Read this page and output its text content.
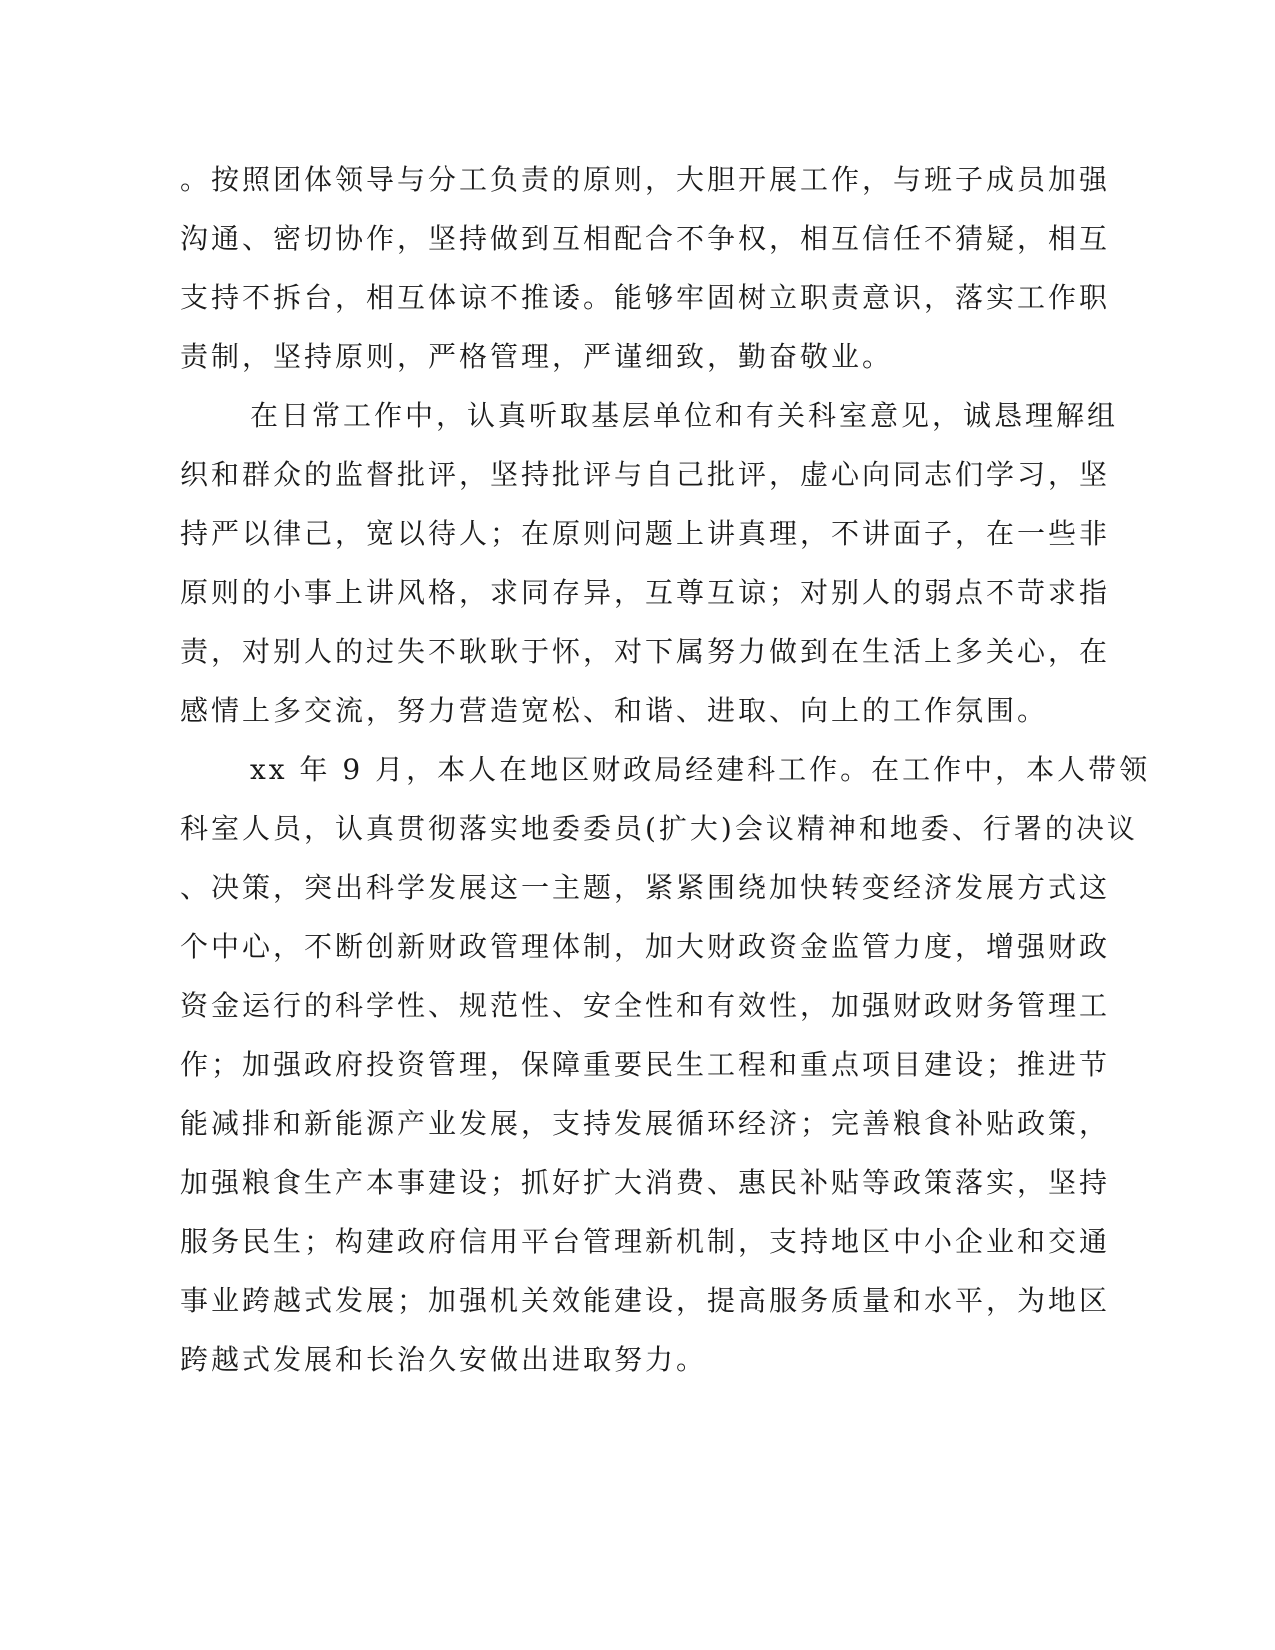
。按照团体领导与分工负责的原则，大胆开展工作，与班子成员加强
沟通、密切协作，坚持做到互相配合不争权，相互信任不猜疑，相互
支持不拆台，相互体谅不推诿。能够牢固树立职责意识，落实工作职
责制，坚持原则，严格管理，严谨细致，勤奋敬业。
在日常工作中，认真听取基层单位和有关科室意见，诚恳理解组
织和群众的监督批评，坚持批评与自己批评，虚心向同志们学习，坚
持严以律己，宽以待人；在原则问题上讲真理，不讲面子，在一些非
原则的小事上讲风格，求同存异，互尊互谅；对别人的弱点不苛求指
责，对别人的过失不耿耿于怀，对下属努力做到在生活上多关心，在
感情上多交流，努力营造宽松、和谐、进取、向上的工作氛围。
xx 年 9 月，本人在地区财政局经建科工作。在工作中，本人带领
科室人员，认真贯彻落实地委委员(扩大)会议精神和地委、行署的决议
、决策，突出科学发展这一主题，紧紧围绕加快转变经济发展方式这
个中心，不断创新财政管理体制，加大财政资金监管力度，增强财政
资金运行的科学性、规范性、安全性和有效性，加强财政财务管理工
作；加强政府投资管理，保障重要民生工程和重点项目建设；推进节
能减排和新能源产业发展，支持发展循环经济；完善粮食补贴政策，
加强粮食生产本事建设；抓好扩大消费、惠民补贴等政策落实，坚持
服务民生；构建政府信用平台管理新机制，支持地区中小企业和交通
事业跨越式发展；加强机关效能建设，提高服务质量和水平，为地区
跨越式发展和长治久安做出进取努力。
